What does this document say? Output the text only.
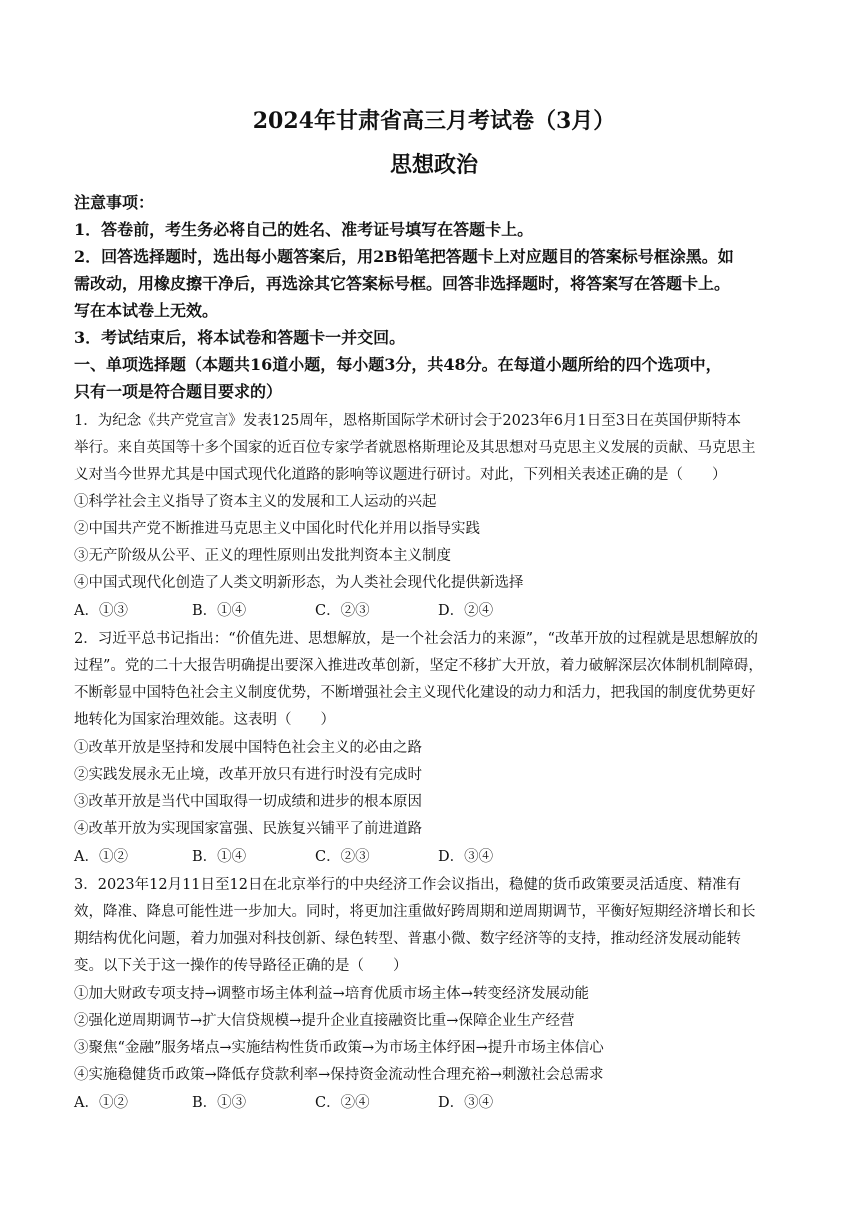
2024年甘肃省高三月考试卷（3月）
思想政治
注意事项：
1．答卷前，考生务必将自己的姓名、准考证号填写在答题卡上。
2．回答选择题时，选出每小题答案后，用2B铅笔把答题卡上对应题目的答案标号框涂黑。如
需改动，用橡皮擦干净后，再选涂其它答案标号框。回答非选择题时，将答案写在答题卡上。
写在本试卷上无效。
3．考试结束后，将本试卷和答题卡一并交回。
一、单项选择题（本题共16道小题，每小题3分，共48分。在每道小题所给的四个选项中，
只有一项是符合题目要求的）
1．为纪念《共产党宣言》发表125周年，恩格斯国际学术研讨会于2023年6月1日至3日在英国伊斯特本
举行。来自英国等十多个国家的近百位专家学者就恩格斯理论及其思想对马克思主义发展的贡献、马克思主
义对当今世界尤其是中国式现代化道路的影响等议题进行研讨。对此，下列相关表述正确的是（　　）
①科学社会主义指导了资本主义的发展和工人运动的兴起
②中国共产党不断推进马克思主义中国化时代化并用以指导实践
③无产阶级从公平、正义的理性原则出发批判资本主义制度
④中国式现代化创造了人类文明新形态，为人类社会现代化提供新选择
A．①③	B．①④	C．②③	D．②④
2．习近平总书记指出：“价值先进、思想解放，是一个社会活力的来源”，“改革开放的过程就是思想解放的
过程”。党的二十大报告明确提出要深入推进改革创新，坚定不移扩大开放，着力破解深层次体制机制障碍，
不断彰显中国特色社会主义制度优势，不断增强社会主义现代化建设的动力和活力，把我国的制度优势更好
地转化为国家治理效能。这表明（　　）
①改革开放是坚持和发展中国特色社会主义的必由之路
②实践发展永无止境，改革开放只有进行时没有完成时
③改革开放是当代中国取得一切成绩和进步的根本原因
④改革开放为实现国家富强、民族复兴铺平了前进道路
A．①②	B．①④	C．②③	D．③④
3．2023年12月11日至12日在北京举行的中央经济工作会议指出，稳健的货币政策要灵活适度、精准有
效，降准、降息可能性进一步加大。同时，将更加注重做好跨周期和逆周期调节，平衡好短期经济增长和长
期结构优化问题，着力加强对科技创新、绿色转型、普惠小微、数字经济等的支持，推动经济发展动能转
变。以下关于这一操作的传导路径正确的是（　　）
①加大财政专项支持→调整市场主体利益→培育优质市场主体→转变经济发展动能
②强化逆周期调节→扩大信贷规模→提升企业直接融资比重→保障企业生产经营
③聚焦“金融”服务堵点→实施结构性货币政策→为市场主体纾困→提升市场主体信心
④实施稳健货币政策→降低存贷款利率→保持资金流动性合理充裕→刺激社会总需求
A．①②	B．①③	C．②④	D．③④
